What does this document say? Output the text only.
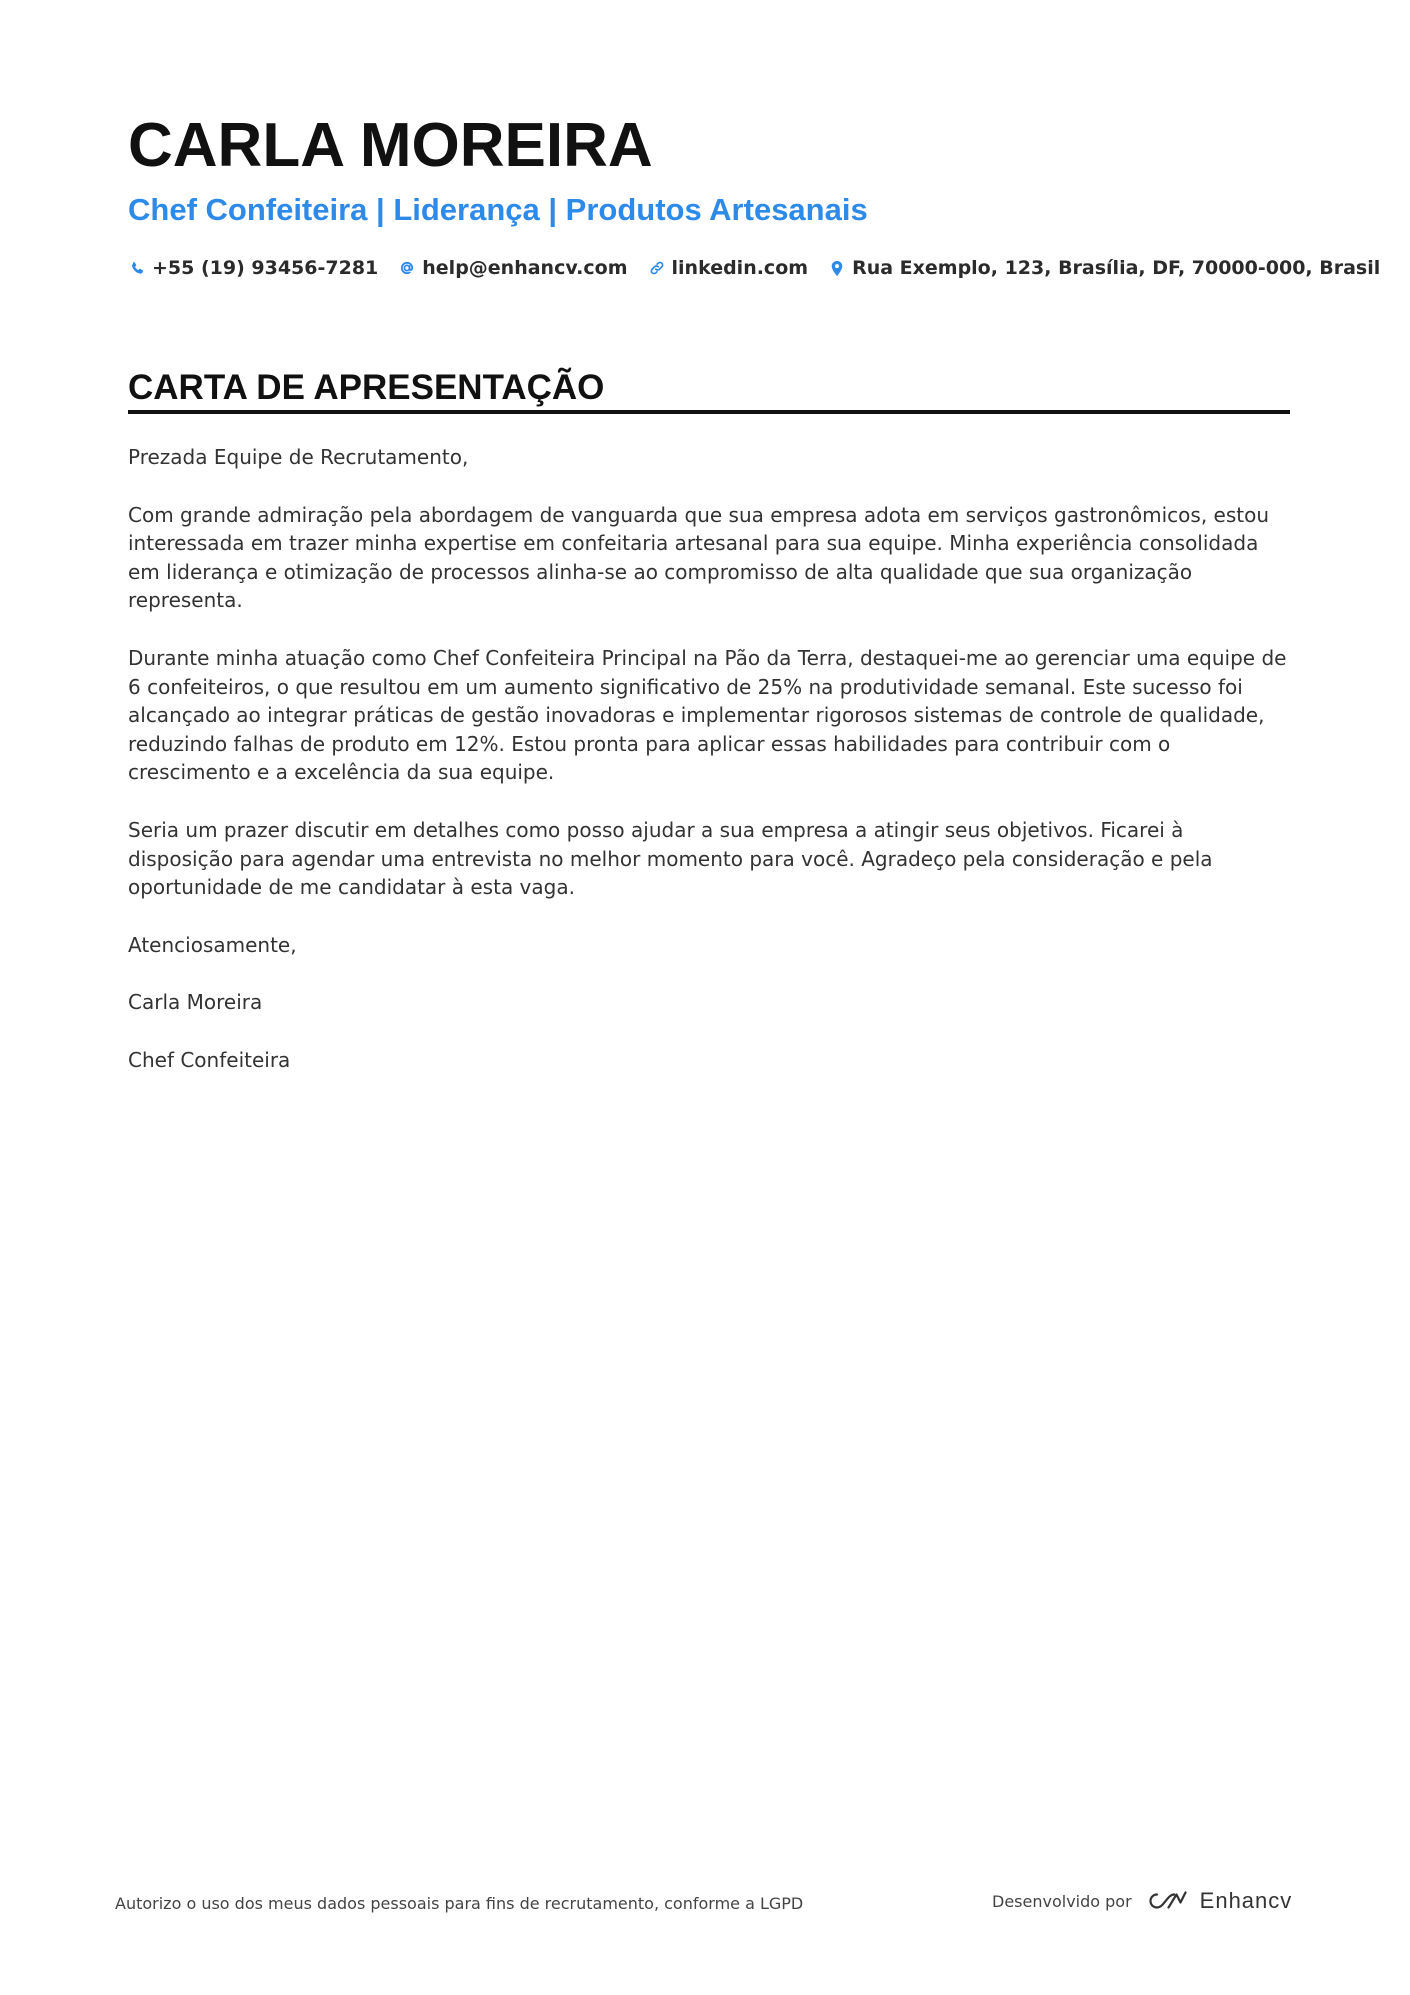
CARLA MOREIRA
Chef Confeiteira | Liderança | Produtos Artesanais
+55 (19) 93456-7281 help@enhancv.com linkedin.com Rua Exemplo, 123, Brasília, DF, 70000-000, Brasil
CARTA DE APRESENTAÇÃO

Prezada Equipe de Recrutamento,

Com grande admiração pela abordagem de vanguarda que sua empresa adota em serviços gastronômicos, estou interessada em trazer minha expertise em confeitaria artesanal para sua equipe. Minha experiência consolidada em liderança e otimização de processos alinha-se ao compromisso de alta qualidade que sua organização representa.

Durante minha atuação como Chef Confeiteira Principal na Pão da Terra, destaquei-me ao gerenciar uma equipe de 6 confeiteiros, o que resultou em um aumento significativo de 25% na produtividade semanal. Este sucesso foi alcançado ao integrar práticas de gestão inovadoras e implementar rigorosos sistemas de controle de qualidade, reduzindo falhas de produto em 12%. Estou pronta para aplicar essas habilidades para contribuir com o crescimento e a excelência da sua equipe.

Seria um prazer discutir em detalhes como posso ajudar a sua empresa a atingir seus objetivos. Ficarei à disposição para agendar uma entrevista no melhor momento para você. Agradeço pela consideração e pela oportunidade de me candidatar à esta vaga.

Atenciosamente,

Carla Moreira

Chef Confeiteira

Autorizo o uso dos meus dados pessoais para fins de recrutamento, conforme a LGPD	Desenvolvido por	Enhancv
